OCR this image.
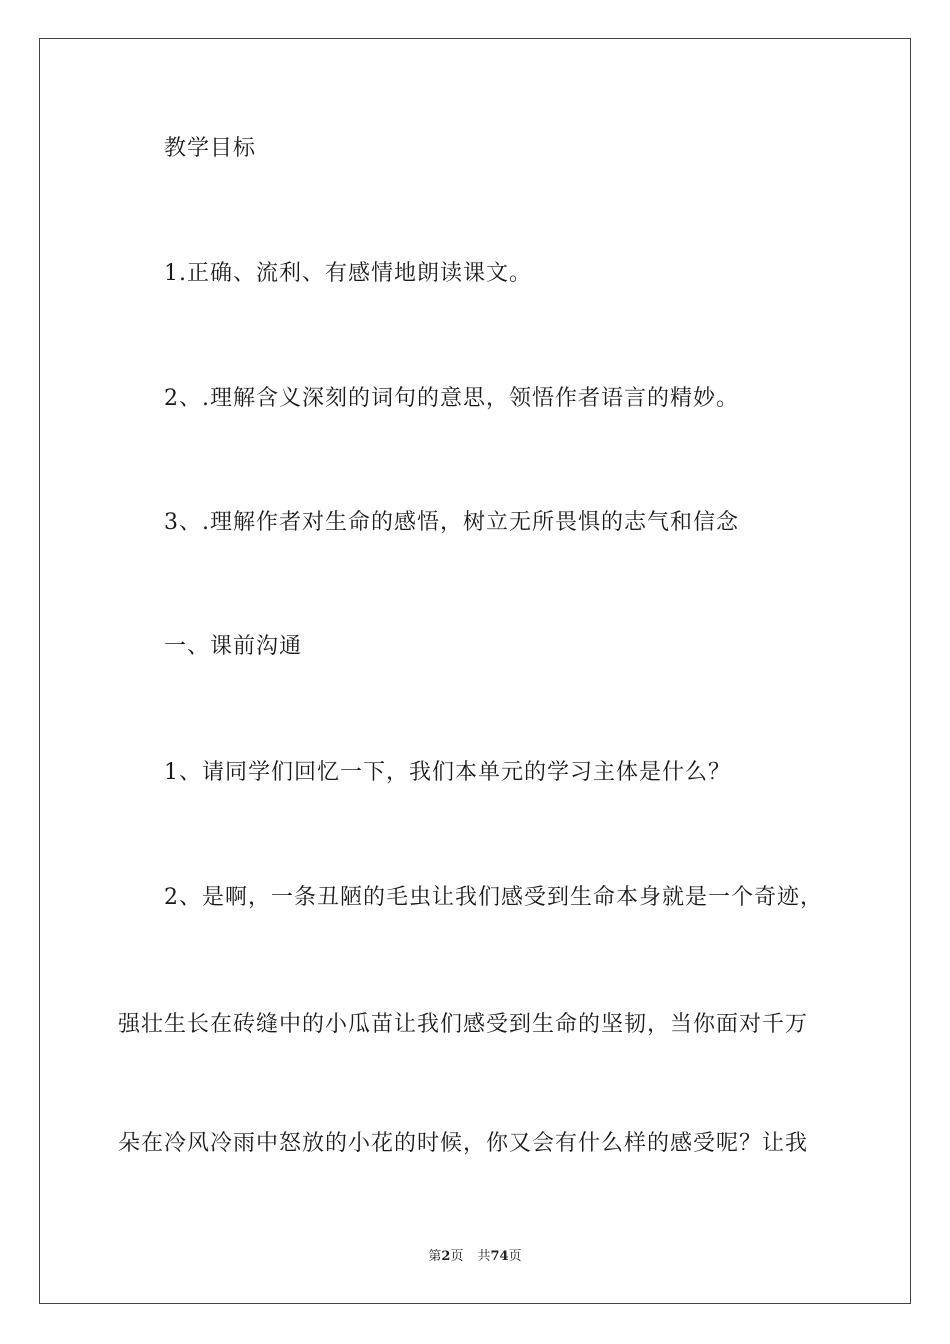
教学目标
1.正确、流利、有感情地朗读课文。
2、.理解含义深刻的词句的意思，领悟作者语言的精妙。
3、.理解作者对生命的感悟，树立无所畏惧的志气和信念
一、课前沟通
1、请同学们回忆一下，我们本单元的学习主体是什么？
2、是啊，一条丑陋的毛虫让我们感受到生命本身就是一个奇迹，
强壮生长在砖缝中的小瓜苗让我们感受到生命的坚韧，当你面对千万
朵在冷风冷雨中怒放的小花的时候，你又会有什么样的感受呢？让我
第2页 共74页
